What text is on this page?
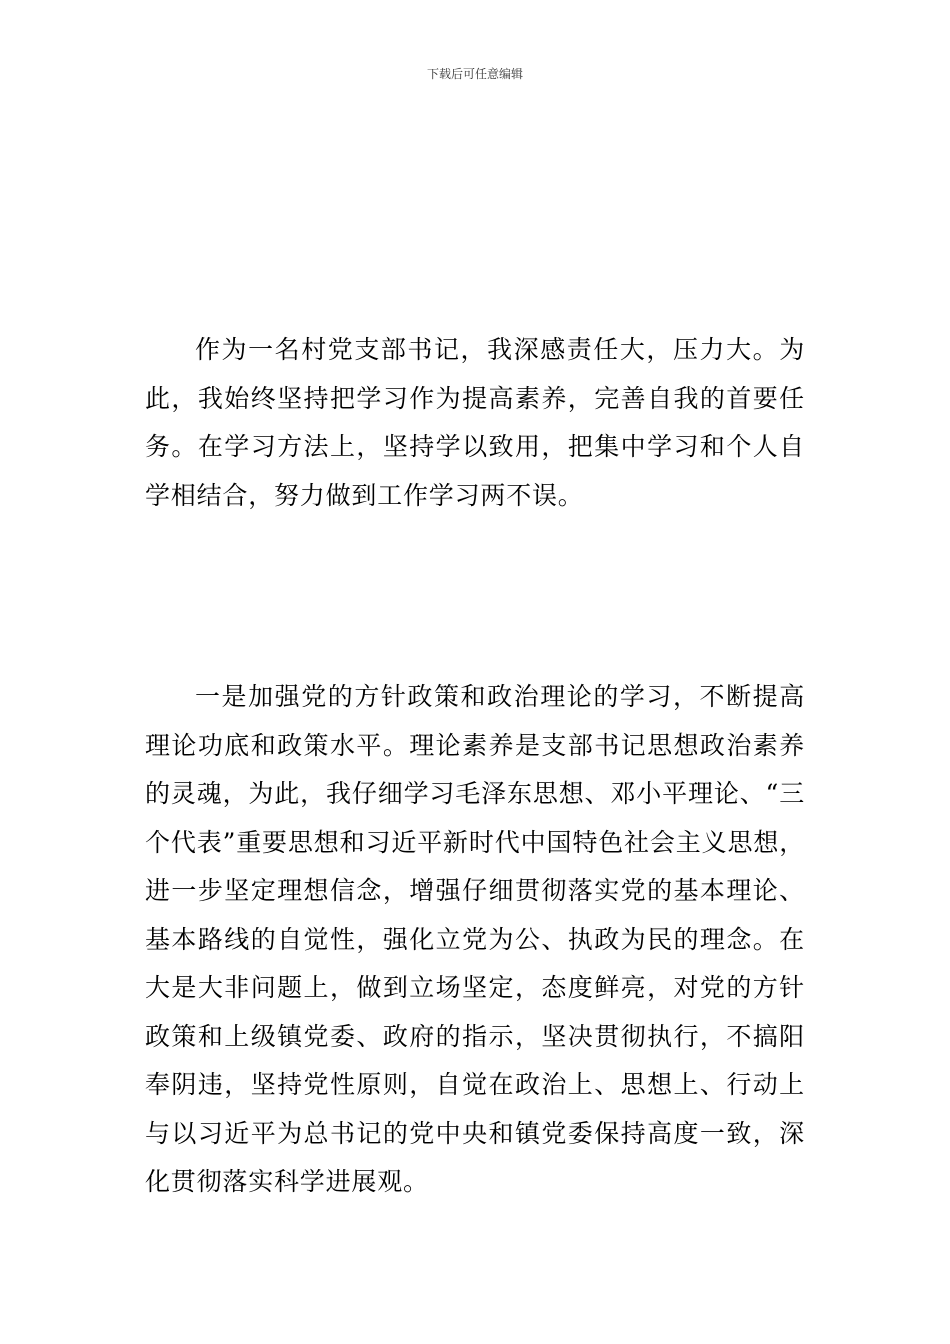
下载后可任意编辑

作为一名村党支部书记，我深感责任大，压力大。为此，我始终坚持把学习作为提高素养，完善自我的首要任务。在学习方法上，坚持学以致用，把集中学习和个人自学相结合，努力做到工作学习两不误。

一是加强党的方针政策和政治理论的学习，不断提高理论功底和政策水平。理论素养是支部书记思想政治素养的灵魂，为此，我仔细学习毛泽东思想、邓小平理论、“三个代表”重要思想和习近平新时代中国特色社会主义思想，进一步坚定理想信念，增强仔细贯彻落实党的基本理论、基本路线的自觉性，强化立党为公、执政为民的理念。在大是大非问题上，做到立场坚定，态度鲜亮，对党的方针政策和上级镇党委、政府的指示，坚决贯彻执行，不搞阳奉阴违，坚持党性原则，自觉在政治上、思想上、行动上与以习近平为总书记的党中央和镇党委保持高度一致，深化贯彻落实科学进展观。
